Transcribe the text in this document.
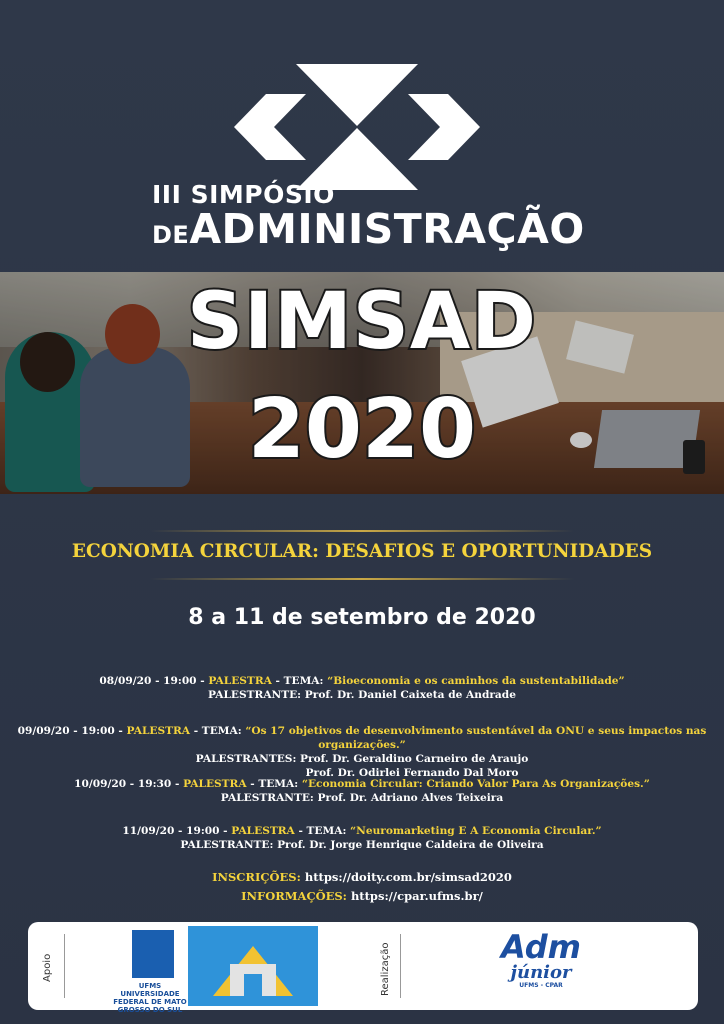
III SIMPÓSIO
DEADMINISTRAÇÃO
SIMSAD
2020
ECONOMIA CIRCULAR: DESAFIOS E OPORTUNIDADES
8 a 11 de setembro de 2020
08/09/20 - 19:00 - PALESTRA - TEMA: “Bioeconomia e os caminhos da sustentabilidade”
PALESTRANTE: Prof. Dr. Daniel Caixeta de Andrade
09/09/20 - 19:00 - PALESTRA - TEMA: “Os 17 objetivos de desenvolvimento sustentável da ONU e seus impactos nas organizações.”
PALESTRANTES: Prof. Dr. Geraldino Carneiro de Araujo
Prof. Dr. Odirlei Fernando Dal Moro
10/09/20 - 19:30 - PALESTRA - TEMA: “Economia Circular: Criando Valor Para As Organizações.”
PALESTRANTE: Prof. Dr. Adriano Alves Teixeira
11/09/20 - 19:00 - PALESTRA - TEMA: “Neuromarketing E A Economia Circular.”
PALESTRANTE: Prof. Dr. Jorge Henrique Caldeira de Oliveira
INSCRIÇÕES: https://doity.com.br/simsad2020
INFORMAÇÕES: https://cpar.ufms.br/
Apoio
UFMS
UNIVERSIDADE FEDERAL DE MATO GROSSO DO SUL
Realização	Adm
júnior
UFMS - CPAR
